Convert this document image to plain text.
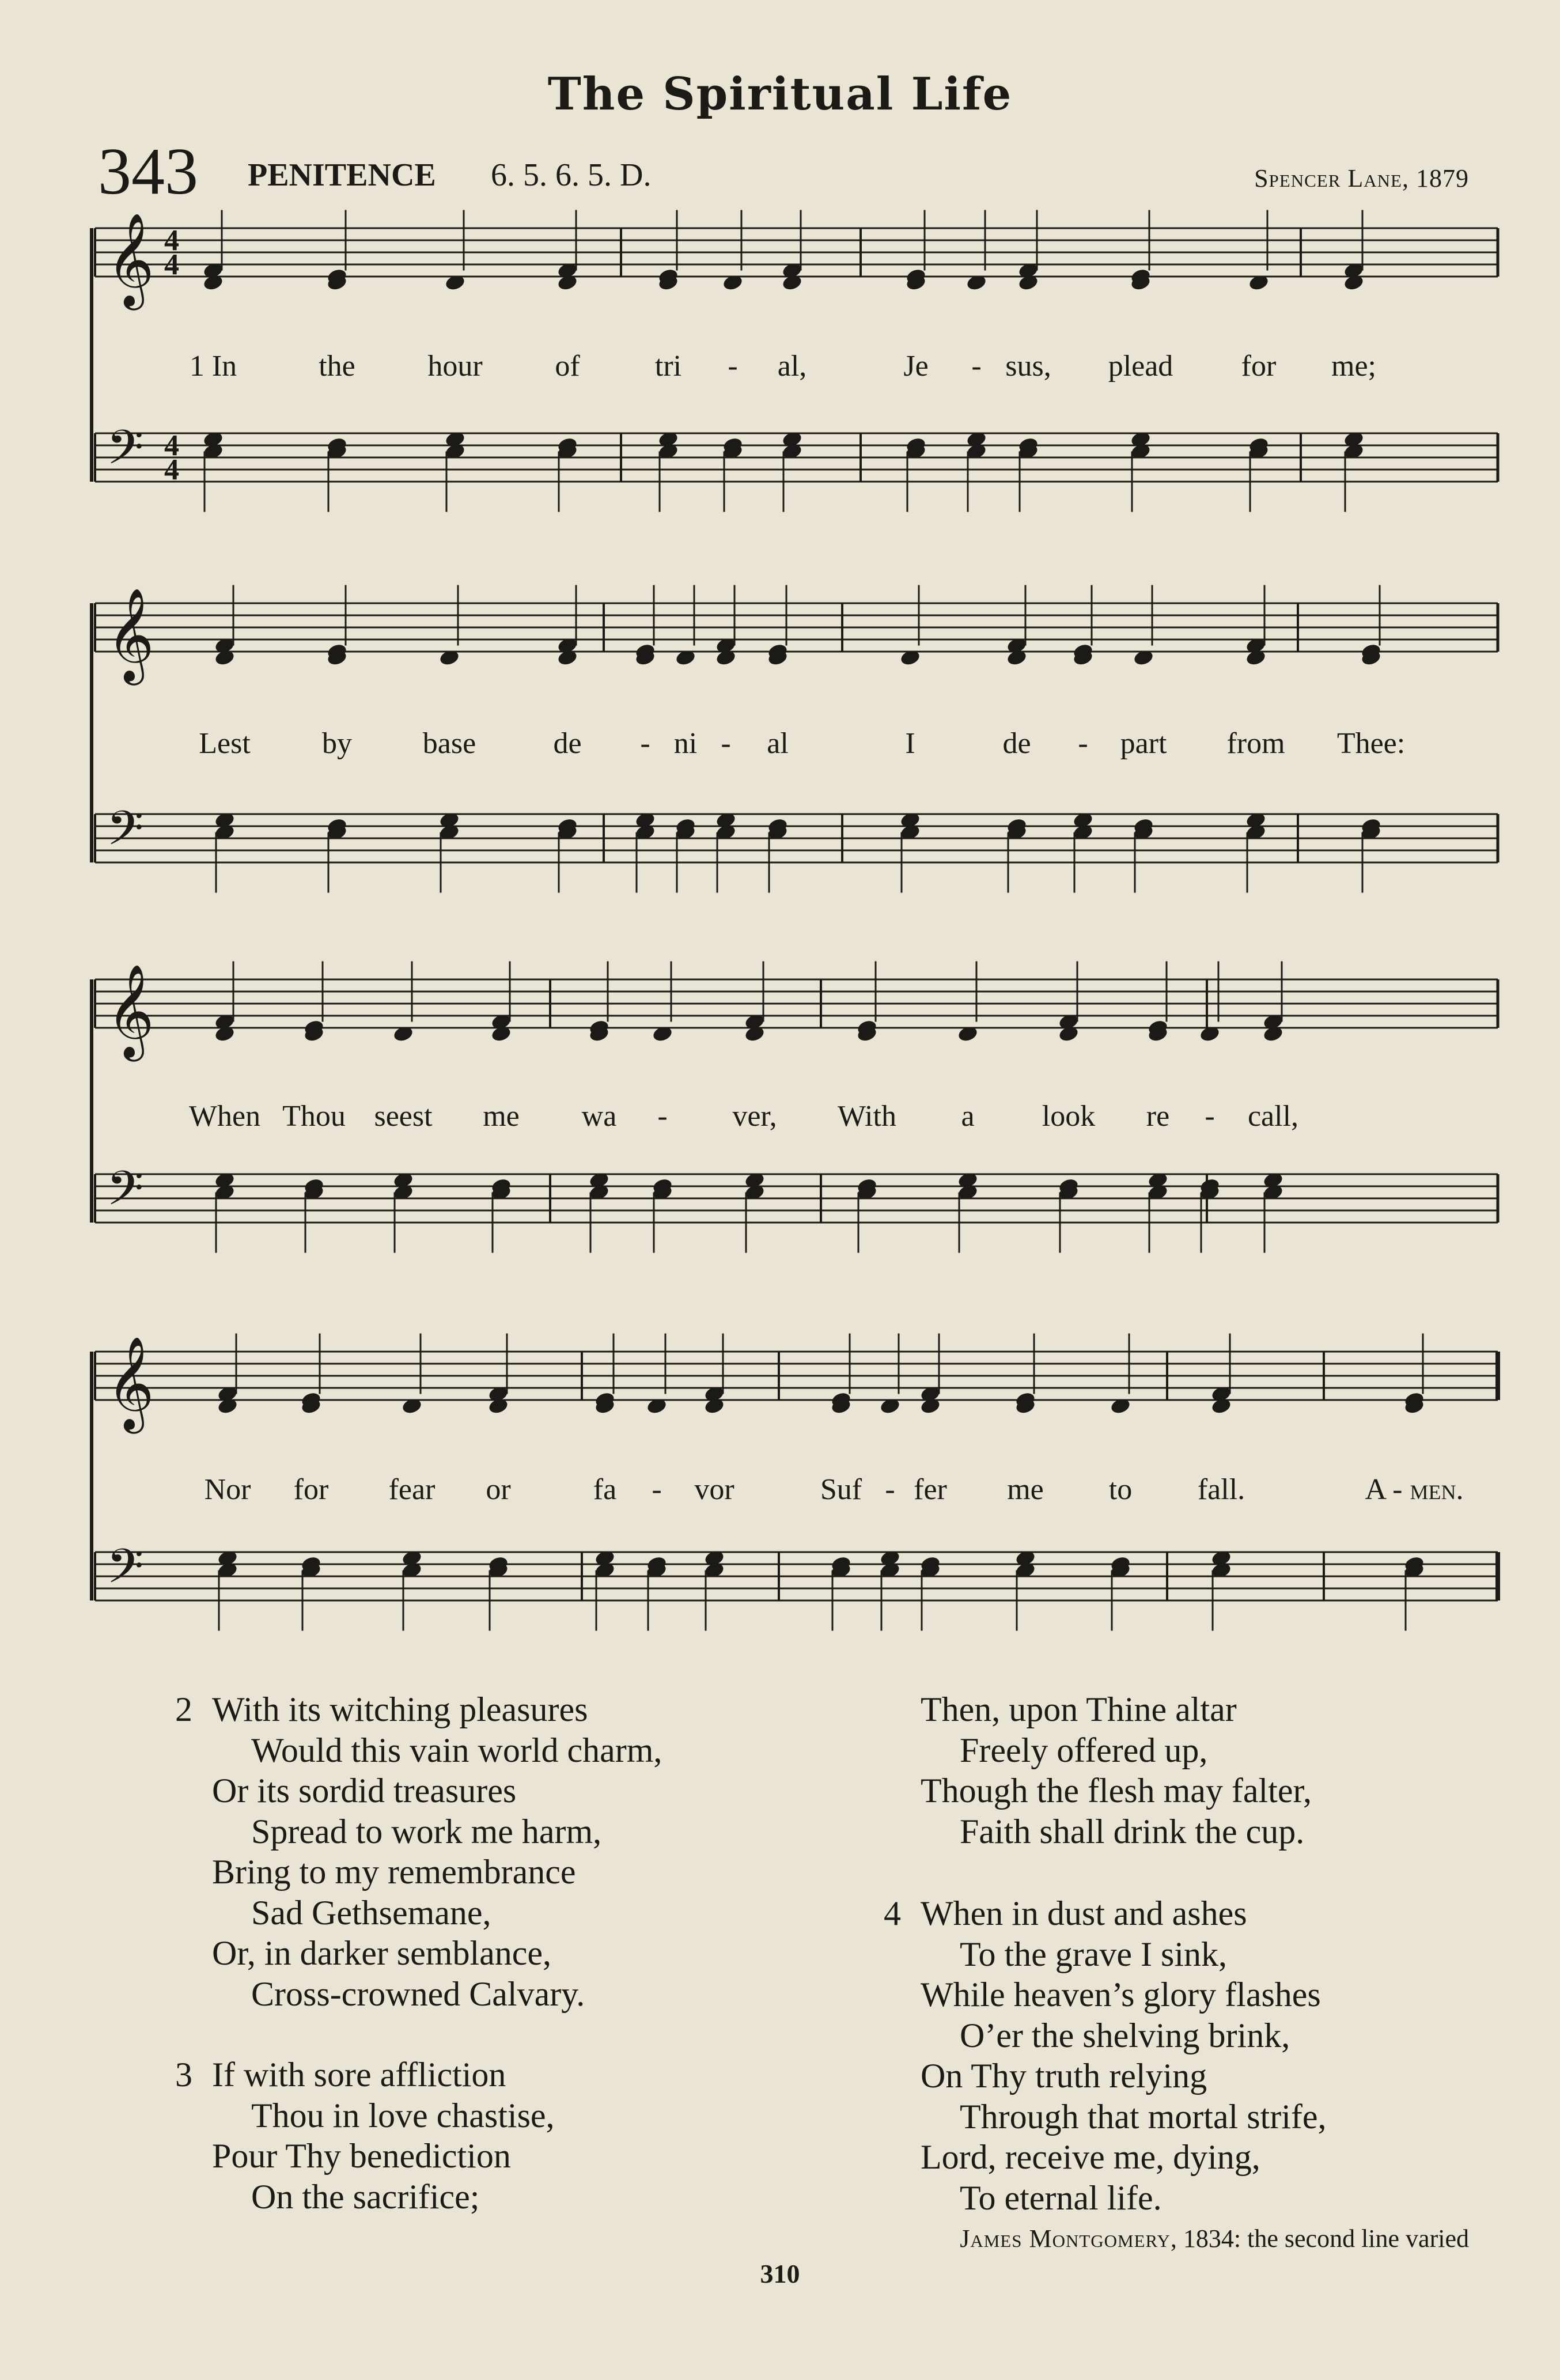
The Spiritual Life
343 PENITENCE 6. 5. 6. 5. D.	Spencer Lane, 1879
𝄞 4
4
𝄢 4
4
𝄞
𝄢
𝄞
𝄢
𝄞
𝄢
1 In	the hour of	tri - al,	Je - sus, plead for me;
Lest by base	de - ni - al	I	de - part from Thee:
When Thou seest me wa - ver, With a look re - call,
Nor for fear or	fa - vor	Suf - fer me to fall.	A - men.
2 With its witching pleasures
Would this vain world charm,
Or its sordid treasures
Spread to work me harm,
Bring to my remembrance
Sad Gethsemane,
Or, in darker semblance,
Cross-crowned Calvary.
3 If with sore affliction
Thou in love chastise,
Pour Thy benediction
On the sacrifice;
Then, upon Thine altar
Freely offered up,
Though the flesh may falter,
Faith shall drink the cup.
4 When in dust and ashes
To the grave I sink,
While heaven’s glory flashes
O’er the shelving brink,
On Thy truth relying
Through that mortal strife,
Lord, receive me, dying,
To eternal life.
James Montgomery, 1834: the second line varied
310
